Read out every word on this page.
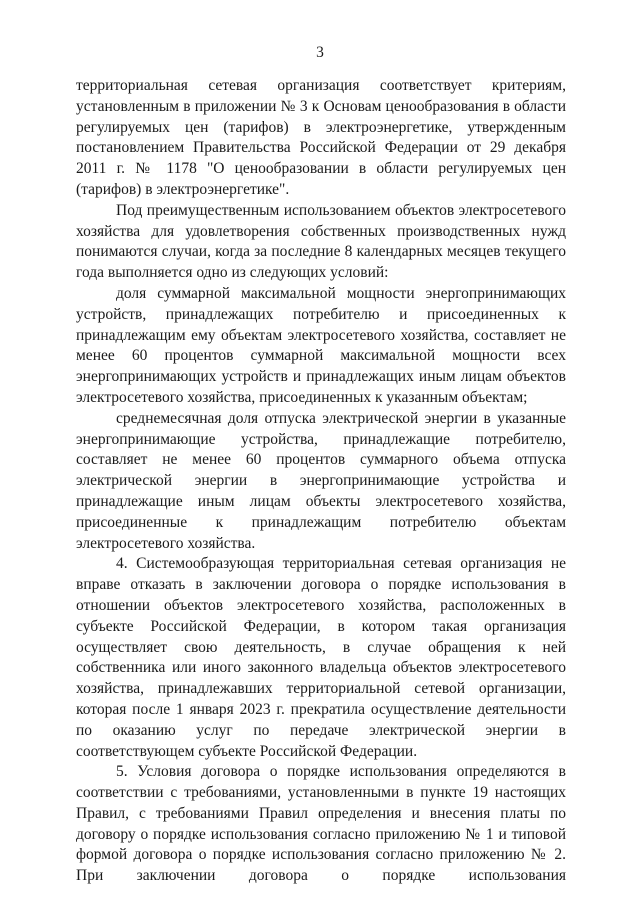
3

территориальная сетевая организация соответствует критериям, установленным в приложении № 3 к Основам ценообразования в области регулируемых цен (тарифов) в электроэнергетике, утвержденным постановлением Правительства Российской Федерации от 29 декабря 2011 г. № 1178 "О ценообразовании в области регулируемых цен (тарифов) в электроэнергетике".

Под преимущественным использованием объектов электросетевого хозяйства для удовлетворения собственных производственных нужд понимаются случаи, когда за последние 8 календарных месяцев текущего года выполняется одно из следующих условий:

доля суммарной максимальной мощности энергопринимающих устройств, принадлежащих потребителю и присоединенных к принадлежащим ему объектам электросетевого хозяйства, составляет не менее 60 процентов суммарной максимальной мощности всех энергопринимающих устройств и принадлежащих иным лицам объектов электросетевого хозяйства, присоединенных к указанным объектам;

среднемесячная доля отпуска электрической энергии в указанные энергопринимающие устройства, принадлежащие потребителю, составляет не менее 60 процентов суммарного объема отпуска электрической энергии в энергопринимающие устройства и принадлежащие иным лицам объекты электросетевого хозяйства, присоединенные к принадлежащим потребителю объектам электросетевого хозяйства.

4. Системообразующая территориальная сетевая организация не вправе отказать в заключении договора о порядке использования в отношении объектов электросетевого хозяйства, расположенных в субъекте Российской Федерации, в котором такая организация осуществляет свою деятельность, в случае обращения к ней собственника или иного законного владельца объектов электросетевого хозяйства, принадлежавших территориальной сетевой организации, которая после 1 января 2023 г. прекратила осуществление деятельности по оказанию услуг по передаче электрической энергии в соответствующем субъекте Российской Федерации.

5. Условия договора о порядке использования определяются в соответствии с требованиями, установленными в пункте 19 настоящих Правил, с требованиями Правил определения и внесения платы по договору о порядке использования согласно приложению № 1 и типовой формой договора о порядке использования согласно приложению № 2. При заключении договора о порядке использования
